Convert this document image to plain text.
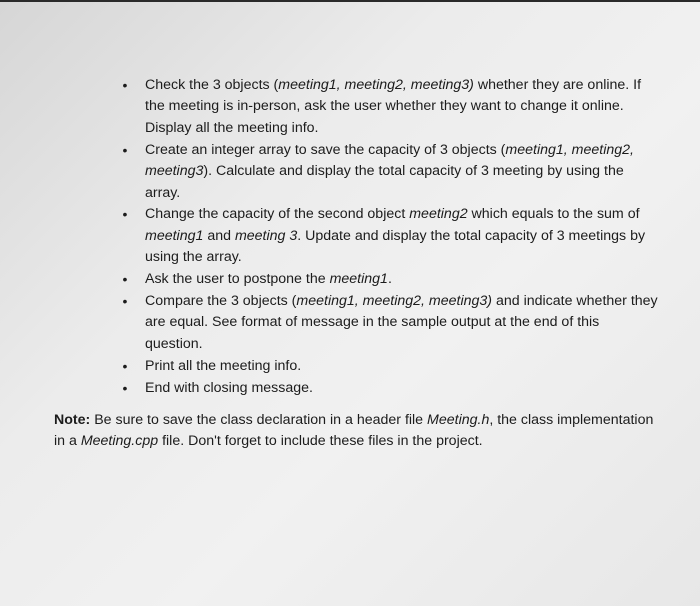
• Check the 3 objects (meeting1, meeting2, meeting3) whether they are online. If the meeting is in-person, ask the user whether they want to change it online. Display all the meeting info.
• Create an integer array to save the capacity of 3 objects (meeting1, meeting2, meeting3). Calculate and display the total capacity of 3 meeting by using the array.
• Change the capacity of the second object meeting2 which equals to the sum of meeting1 and meeting 3. Update and display the total capacity of 3 meetings by using the array.
• Ask the user to postpone the meeting1.
• Compare the 3 objects (meeting1, meeting2, meeting3) and indicate whether they are equal. See format of message in the sample output at the end of this question.
• Print all the meeting info.
• End with closing message.
Note: Be sure to save the class declaration in a header file Meeting.h, the class implementation in a Meeting.cpp file. Don't forget to include these files in the project.
